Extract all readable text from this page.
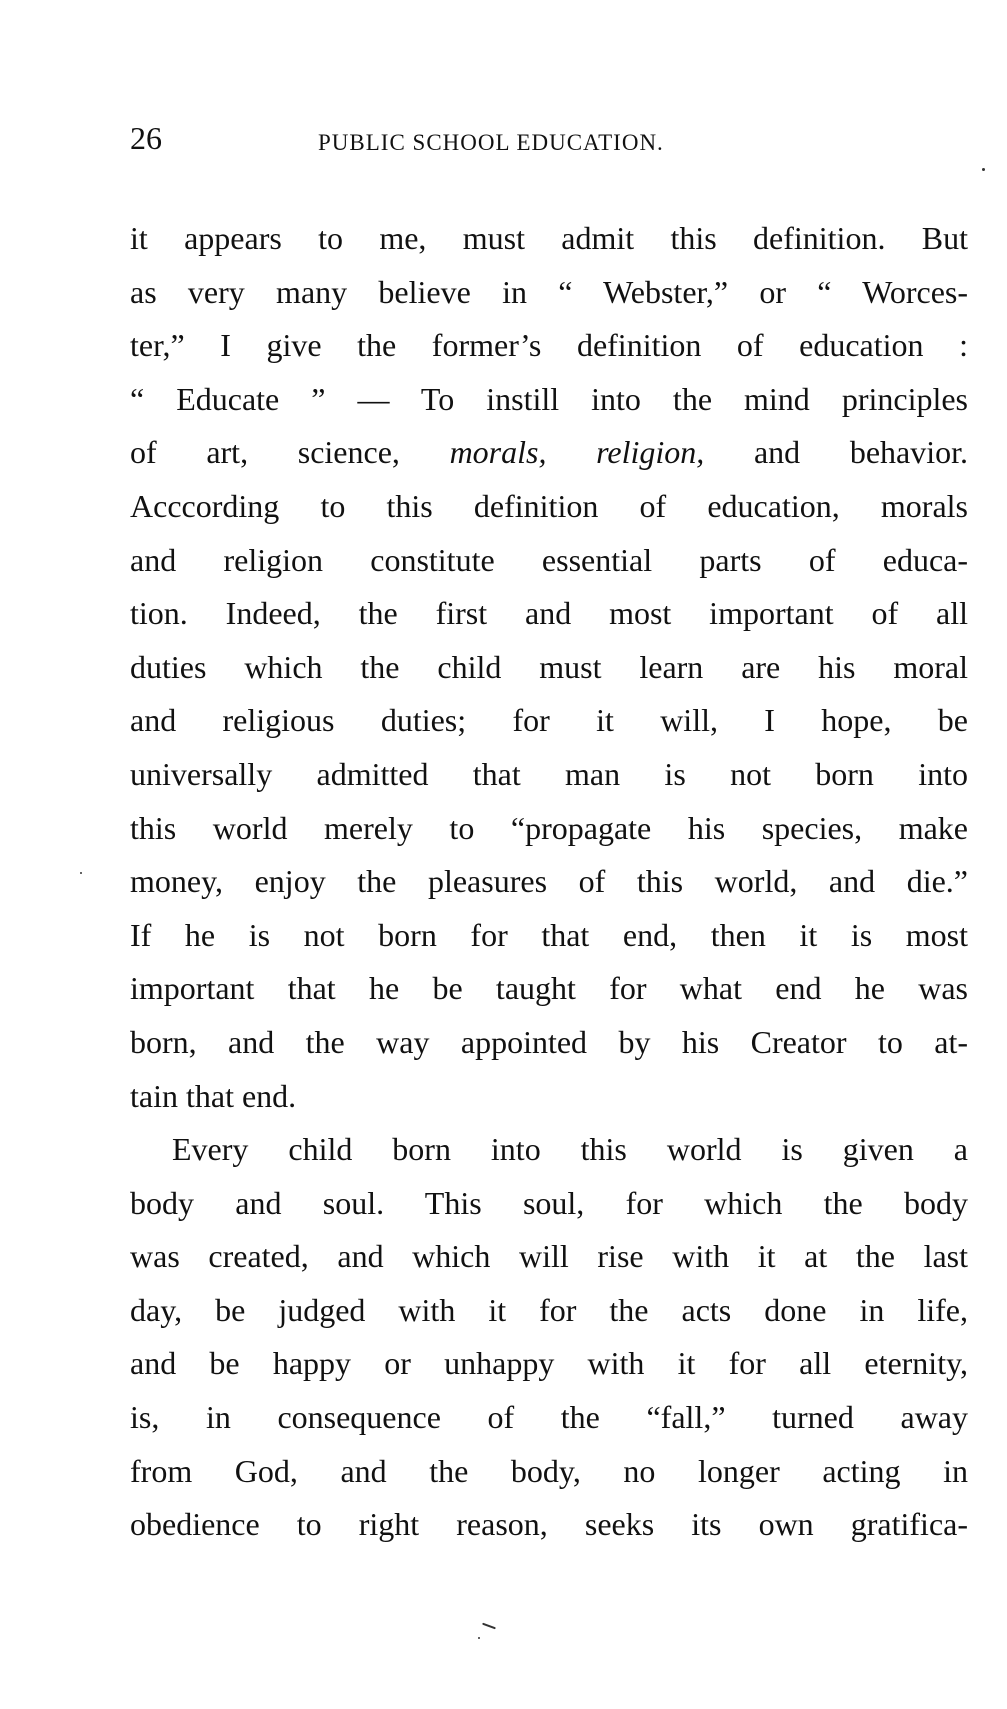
26	PUBLIC SCHOOL EDUCATION.
it appears to me, must admit this definition. But
as very many believe in “ Webster,” or “ Worces-
ter,” I give the former’s definition of education :
“ Educate ” — To instill into the mind principles
of art, science, morals, religion, and behavior.
Acccording to this definition of education, morals
and religion constitute essential parts of educa-
tion. Indeed, the first and most important of all
duties which the child must learn are his moral
and religious duties; for it will, I hope, be
universally admitted that man is not born into
this world merely to “propagate his species, make
money, enjoy the pleasures of this world, and die.”
If he is not born for that end, then it is most
important that he be taught for what end he was
born, and the way appointed by his Creator to at-
tain that end.
Every child born into this world is given a
body and soul. This soul, for which the body
was created, and which will rise with it at the last
day, be judged with it for the acts done in life,
and be happy or unhappy with it for all eternity,
is, in consequence of the “fall,” turned away
from God, and the body, no longer acting in
obedience to right reason, seeks its own gratifica-
